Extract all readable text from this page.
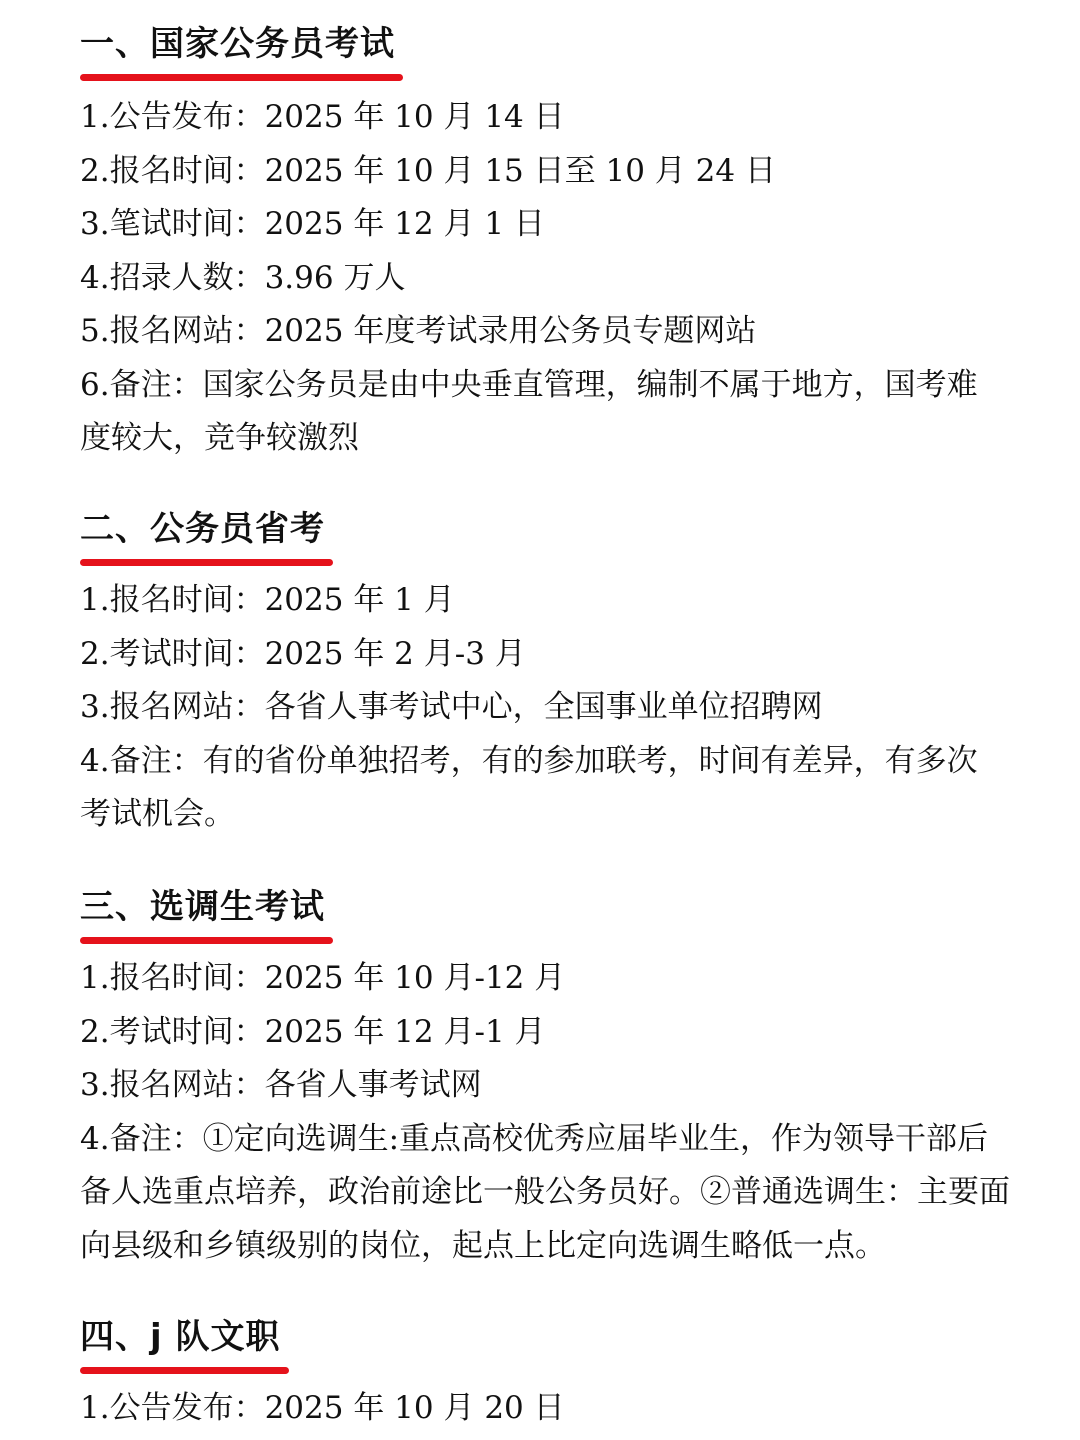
一、国家公务员考试
1.公告发布：2025 年 10 月 14 日
2.报名时间：2025 年 10 月 15 日至 10 月 24 日
3.笔试时间：2025 年 12 月 1 日
4.招录人数：3.96 万人
5.报名网站：2025 年度考试录用公务员专题网站
6.备注：国家公务员是由中央垂直管理，编制不属于地方，国考难度较大，竞争较激烈
二、公务员省考
1.报名时间：2025 年 1 月
2.考试时间：2025 年 2 月-3 月
3.报名网站：各省人事考试中心，全国事业单位招聘网
4.备注：有的省份单独招考，有的参加联考，时间有差异，有多次考试机会。
三、选调生考试
1.报名时间：2025 年 10 月-12 月
2.考试时间：2025 年 12 月-1 月
3.报名网站：各省人事考试网
4.备注：①定向选调生:重点高校优秀应届毕业生，作为领导干部后备人选重点培养，政治前途比一般公务员好。②普通选调生：主要面向县级和乡镇级别的岗位，起点上比定向选调生略低一点。
四、j 队文职
1.公告发布：2025 年 10 月 20 日
